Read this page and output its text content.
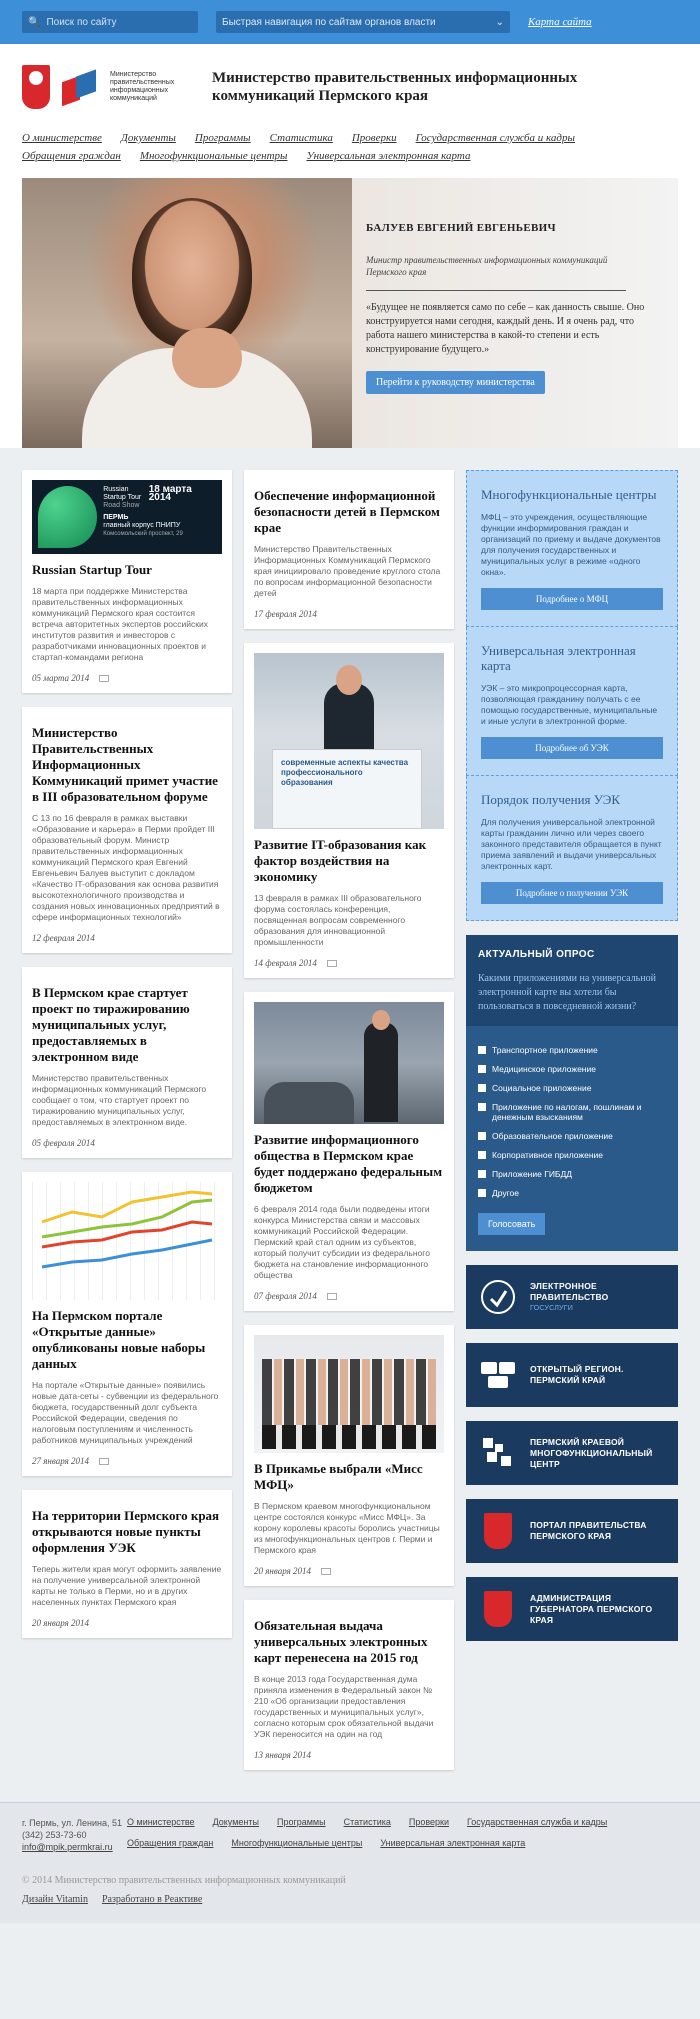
🔍
Поиск по сайту	Быстрая навигация по сайтам органов власти	⌄ Карта сайта
Министерство правительственных информационных коммуникаций
Министерство правительственных информационных
коммуникаций Пермского края
О министерстве Документы Программы Статистика Проверки Государственная служба и кадры
Обращения граждан Многофункциональные центры Универсальная электронная карта
БАЛУЕВ ЕВГЕНИЙ ЕВГЕНЬЕВИЧ
Министр правительственных информационных коммуникаций Пермского края
«Будущее не появляется само по себе – как данность свыше. Оно конструируется нами сегодня, каждый день. И я очень рад, что работа нашего министерства в какой-то степени и есть конструирование будущего.»
Перейти к руководству министерства
Russian Startup Tour
18 марта 2014
Road Show
ПЕРМЬ
главный корпус ПНИПУ
Комсомольский проспект, 29
Russian Startup Tour

18 марта при поддержке Министерства правительственных информационных коммуникаций Пермского края состоится встреча авторитетных экспертов российских институтов развития и инвесторов с разработчиками инновационных проектов и стартап-командами региона

05 марта 2014
Министерство Правительственных Информационных Коммуникаций примет участие в III образовательном форуме

С 13 по 16 февраля в рамках выставки «Образование и карьера» в Перми пройдет III образовательный форум. Министр правительственных информационных коммуникаций Пермского края Евгений Евгеньевич Балуев выступит с докладом «Качество IT-образования как основа развития высокотехнологичного производства и создания новых инновационных предприятий в сфере информационных технологий»

12 февраля 2014
В Пермском крае стартует проект по тиражированию муниципальных услуг, предоставляемых в электронном виде

Министерство правительственных информационных коммуникаций Пермского сообщает о том, что стартует проект по тиражированию муниципальных услуг, предоставляемых в электронном виде.

05 февраля 2014
На Пермском портале «Открытые данные» опубликованы новые наборы данных

На портале «Открытые данные» появились новые дата-сеты - субвенции из федерального бюджета, государственный долг субъекта Российской Федерации, сведения по налоговым поступлениям и численность работников муниципальных учреждений

27 января 2014
На территории Пермского края открываются новые пункты оформления УЭК

Теперь жители края могут оформить заявление на получение универсальной электронной карты не только в Перми, но и в других населенных пунктах Пермского края

20 января 2014
Обеспечение информационной безопасности детей в Пермском крае

Министерство Правительственных Информационных Коммуникаций Пермского края инициировало проведение круглого стола по вопросам информационной безопасности детей

17 февраля 2014
современные аспекты качества профессионального образования
Развитие IT-образования как фактор воздействия на экономику

13 февраля в рамках III образовательного форума состоялась конференция, посвященная вопросам современного образования для инновационной промышленности

14 февраля 2014
Развитие информационного общества в Пермском крае будет поддержано федеральным бюджетом

6 февраля 2014 года были подведены итоги конкурса Министерства связи и массовых коммуникаций Российской Федерации. Пермский край стал одним из субъектов, который получит субсидии из федерального бюджета на становление информационного общества

07 февраля 2014
В Прикамье выбрали «Мисс МФЦ»

В Пермском краевом многофункциональном центре состоялся конкурс «Мисс МФЦ». За корону королевы красоты боролись участницы из многофункциональных центров г. Перми и Пермского края

20 января 2014
Обязательная выдача универсальных электронных карт перенесена на 2015 год

В конце 2013 года Государственная дума приняла изменения в Федеральный закон № 210 «Об организации предоставления государственных и муниципальных услуг», согласно которым срок обязательной выдачи УЭК переносится на один на год

13 января 2014
Многофункциональные центры

МФЦ – это учреждения, осуществляющие функции информирования граждан и организаций по приему и выдаче документов для получения государственных и муниципальных услуг в режиме «одного окна».

Подробнее о МФЦ
Универсальная электронная карта

УЭК – это микропроцессорная карта, позволяющая гражданину получать с ее помощью государственные, муниципальные и иные услуги в электронной форме.

Подробнее об УЭК
Порядок получения УЭК

Для получения универсальной электронной карты гражданин лично или через своего законного представителя обращается в пункт приема заявлений и выдачи универсальных электронных карт.

Подробнее о получении УЭК
АКТУАЛЬНЫЙ ОПРОС
Какими приложениями на универсальной электронной карте вы хотели бы пользоваться в повседневной жизни?
Транспортное приложение
Медицинское приложение
Социальное приложение
Приложение по налогам, пошлинам и денежным взысканиям
Образовательное приложение
Корпоративное приложение
Приложение ГИБДД
Другое
Голосовать
ЭЛЕКТРОННОЕ ПРАВИТЕЛЬСТВО
ГОСУСЛУГИ
ОТКРЫТЫЙ РЕГИОН. ПЕРМСКИЙ КРАЙ
ПЕРМСКИЙ КРАЕВОЙ МНОГОФУНКЦИОНАЛЬНЫЙ ЦЕНТР
ПОРТАЛ ПРАВИТЕЛЬСТВА ПЕРМСКОГО КРАЯ
АДМИНИСТРАЦИЯ ГУБЕРНАТОРА ПЕРМСКОГО КРАЯ
г. Пермь, ул. Ленина, 51
(342) 253-73-60
info@mpik.permkrai.ru
О министерстве Документы Программы Статистика Проверки Государственная служба и кадры
Обращения граждан Многофункциональные центры Универсальная электронная карта
© 2014 Министерство правительственных информационных коммуникаций
Дизайн Vitamin Разработано в Реактиве
